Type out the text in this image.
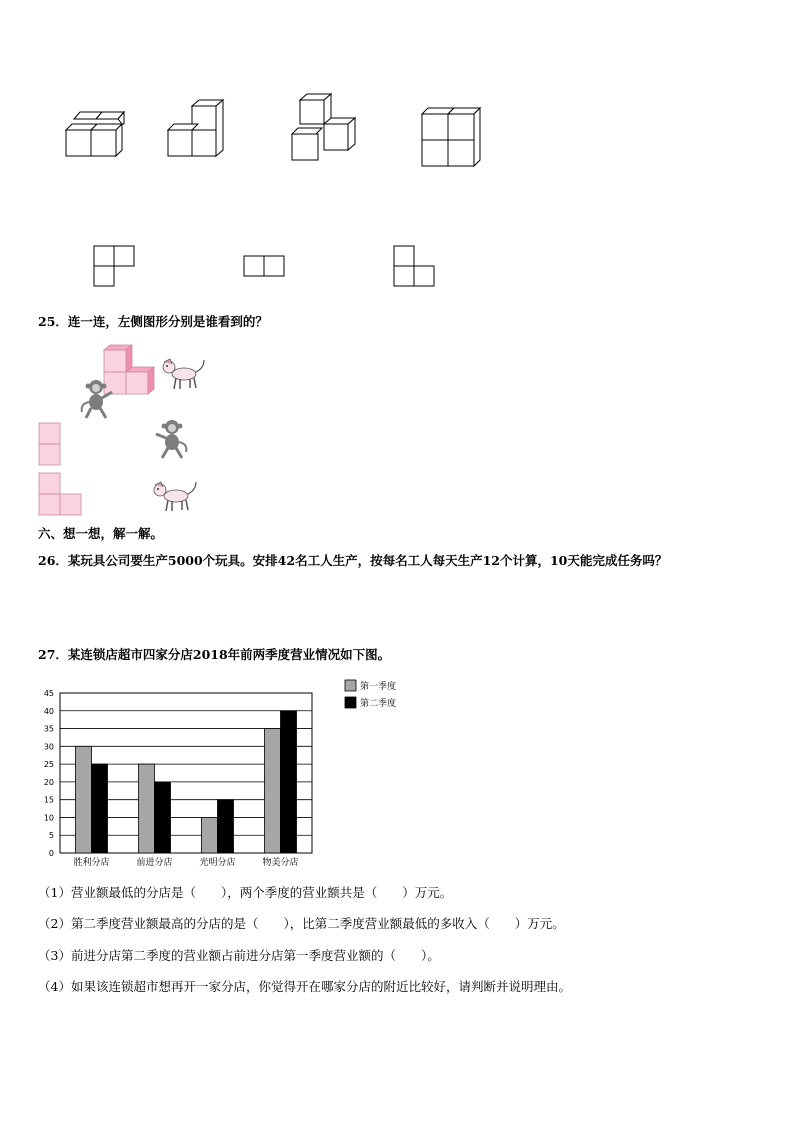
25．连一连，左侧图形分别是谁看到的？
六、想一想，解一解。
26．某玩具公司要生产5000个玩具。安排42名工人生产，按每名工人每天生产12个计算，10天能完成任务吗？
27．某连锁店超市四家分店2018年前两季度营业情况如下图。
0
5
10
15
20
25
30
35
40
45
胜利分店	前进分店	光明分店	物美分店
第一季度
第二季度
（1）营业额最低的分店是（　　），两个季度的营业额共是（　　）万元。
（2）第二季度营业额最高的分店的是（　　），比第二季度营业额最低的多收入（　　）万元。
（3）前进分店第二季度的营业额占前进分店第一季度营业额的（　　）。
（4）如果该连锁超市想再开一家分店，你觉得开在哪家分店的附近比较好，请判断并说明理由。
